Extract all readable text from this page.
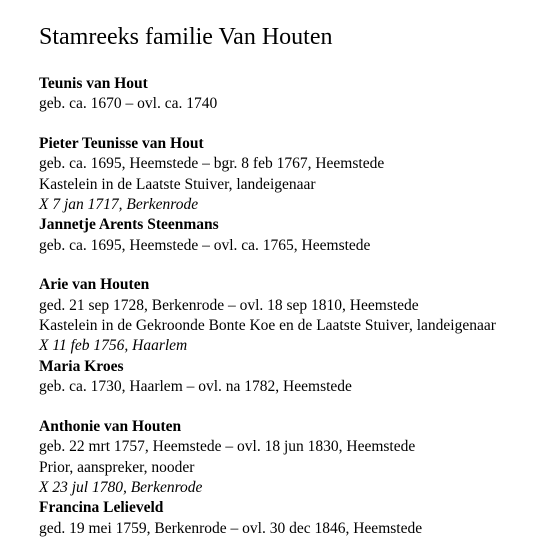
Stamreeks familie Van Houten

Teunis van Hout

geb. ca. 1670 – ovl. ca. 1740

Pieter Teunisse van Hout

geb. ca. 1695, Heemstede – bgr. 8 feb 1767, Heemstede

Kastelein in de Laatste Stuiver, landeigenaar

X 7 jan 1717, Berkenrode

Jannetje Arents Steenmans

geb. ca. 1695, Heemstede – ovl. ca. 1765, Heemstede

Arie van Houten

ged. 21 sep 1728, Berkenrode – ovl. 18 sep 1810, Heemstede

Kastelein in de Gekroonde Bonte Koe en de Laatste Stuiver, landeigenaar

X 11 feb 1756, Haarlem

Maria Kroes

geb. ca. 1730, Haarlem – ovl. na 1782, Heemstede

Anthonie van Houten

geb. 22 mrt 1757, Heemstede – ovl. 18 jun 1830, Heemstede

Prior, aanspreker, nooder

X 23 jul 1780, Berkenrode

Francina Lelieveld

ged. 19 mei 1759, Berkenrode – ovl. 30 dec 1846, Heemstede
